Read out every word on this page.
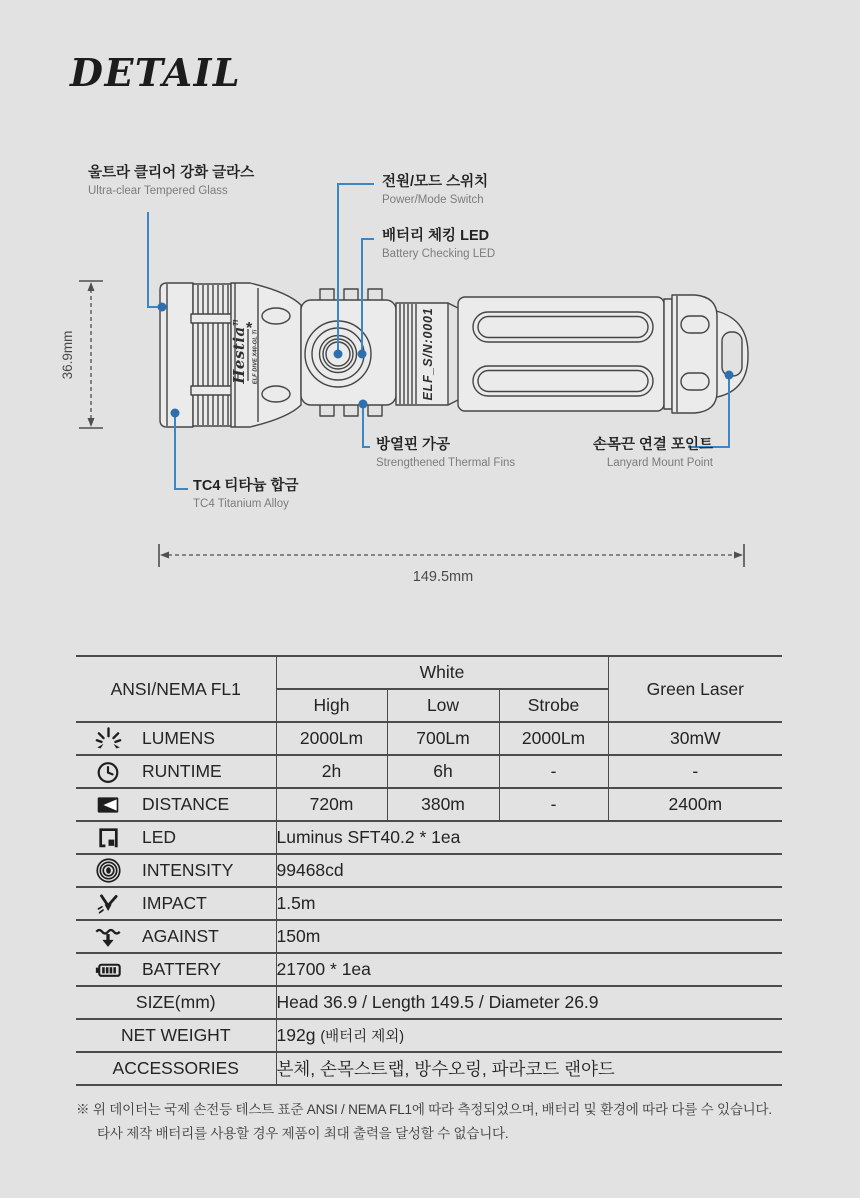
DETAIL
Hestia
TI *
ELF DIVE X40-GL Ti	ELF_S/N:0001
36.9mm
149.5mm
울트라 클리어 강화 글라스
Ultra-clear Tempered Glass
전원/모드 스위치
Power/Mode Switch
배터리 체킹 LED
Battery Checking LED
방열핀 가공
Strengthened Thermal Fins
손목끈 연결 포인트
Lanyard Mount Point
TC4 티타늄 합금
TC4 Titanium Alloy
ANSI/NEMA FL1	White			Green Laser
	High	Low	Strobe	

LUMENS	2000Lm	700Lm	2000Lm	30mW

RUNTIME	2h	6h	-	-

DISTANCE	720m	380m	-	2400m

LED	Luminus SFT40.2 * 1ea			

INTENSITY	99468cd			

IMPACT	1.5m			

AGAINST	150m			

BATTERY	21700 * 1ea			
SIZE(mm)	Head 36.9 / Length 149.5 / Diameter 26.9			
NET WEIGHT	192g (배터리 제외)			
ACCESSORIES	본체, 손목스트랩, 방수오링, 파라코드 랜야드			
※ 위 데이터는 국제 손전등 테스트 표준 ANSI / NEMA FL1에 따라 측정되었으며, 배터리 및 환경에 따라 다를 수 있습니다.
타사 제작 배터리를 사용할 경우 제품이 최대 출력을 달성할 수 없습니다.
